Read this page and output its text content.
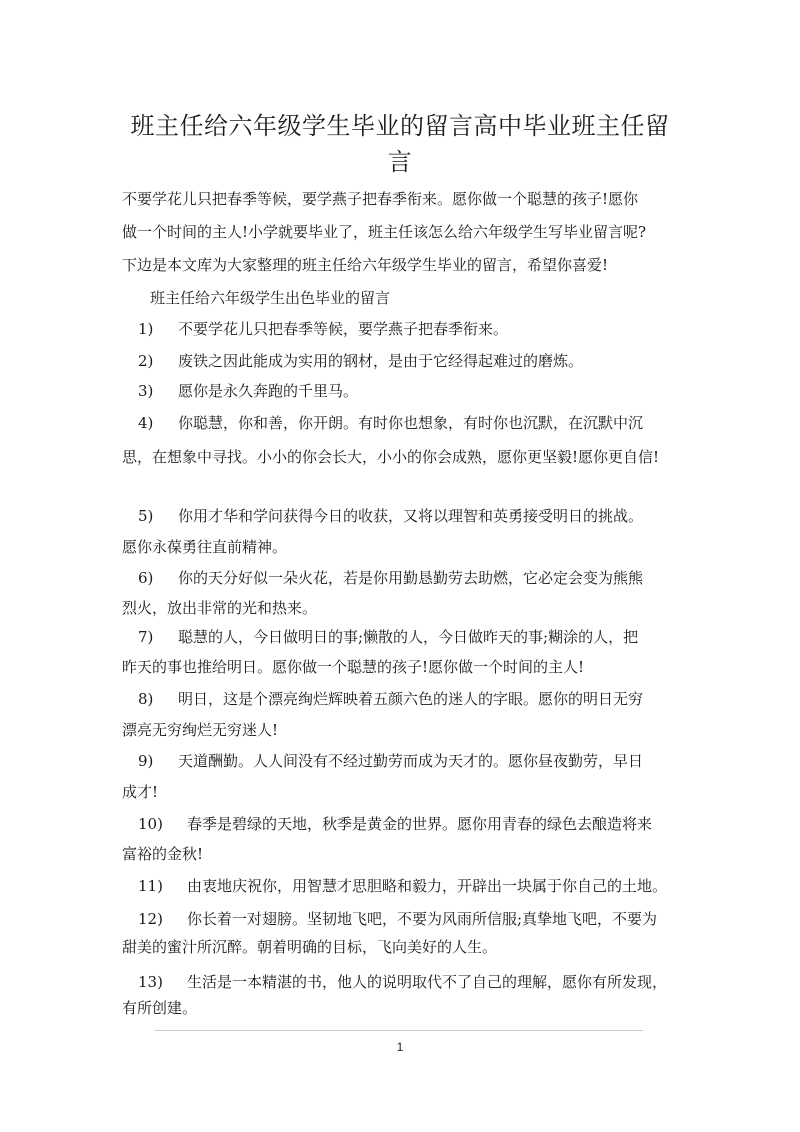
班主任给六年级学生毕业的留言高中毕业班主任留
言
不要学花儿只把春季等候，要学燕子把春季衔来。愿你做一个聪慧的孩子!愿你
做一个时间的主人!小学就要毕业了，班主任该怎么给六年级学生写毕业留言呢?
下边是本文库为大家整理的班主任给六年级学生毕业的留言，希望你喜爱!
班主任给六年级学生出色毕业的留言
1) 不要学花儿只把春季等候，要学燕子把春季衔来。
2) 废铁之因此能成为实用的钢材，是由于它经得起难过的磨炼。
3) 愿你是永久奔跑的千里马。
4) 你聪慧，你和善，你开朗。有时你也想象，有时你也沉默，在沉默中沉
思，在想象中寻找。小小的你会长大，小小的你会成熟，愿你更坚毅!愿你更自信!
5) 你用才华和学问获得今日的收获，又将以理智和英勇接受明日的挑战。
愿你永葆勇往直前精神。
6) 你的天分好似一朵火花，若是你用勤恳勤劳去助燃，它必定会变为熊熊
烈火，放出非常的光和热来。
7) 聪慧的人，今日做明日的事;懒散的人，今日做昨天的事;糊涂的人，把
昨天的事也推给明日。愿你做一个聪慧的孩子!愿你做一个时间的主人!
8) 明日，这是个漂亮绚烂辉映着五颜六色的迷人的字眼。愿你的明日无穷
漂亮无穷绚烂无穷迷人!
9) 天道酬勤。人人间没有不经过勤劳而成为天才的。愿你昼夜勤劳，早日
成才!
10) 春季是碧绿的天地，秋季是黄金的世界。愿你用青春的绿色去酿造将来
富裕的金秋!
11) 由衷地庆祝你，用智慧才思胆略和毅力，开辟出一块属于你自己的土地。
12) 你长着一对翅膀。坚韧地飞吧，不要为风雨所信服;真挚地飞吧，不要为
甜美的蜜汁所沉醉。朝着明确的目标，飞向美好的人生。
13) 生活是一本精湛的书，他人的说明取代不了自己的理解，愿你有所发现，
有所创建。
1
